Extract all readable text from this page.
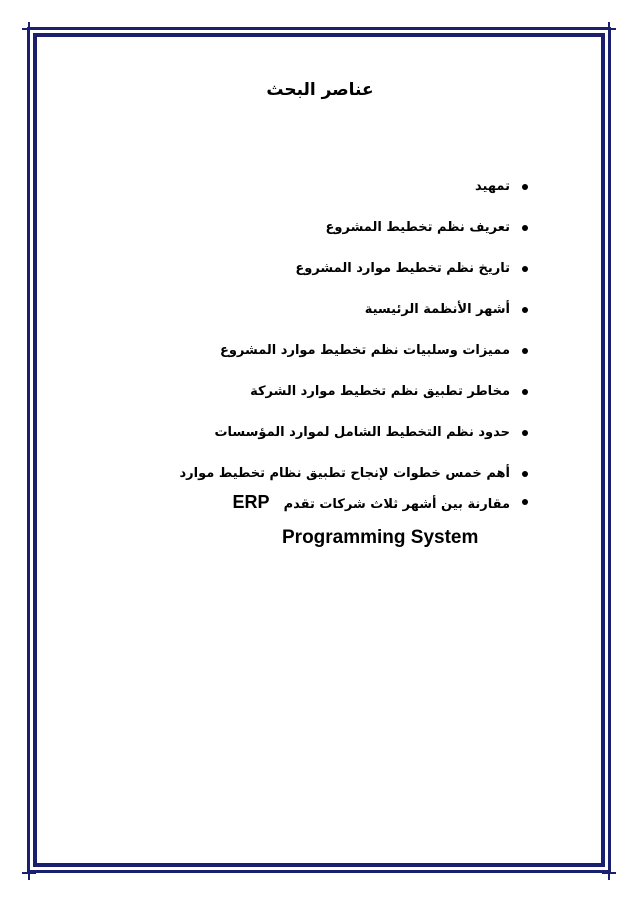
عناصر البحث
تمهيد
تعريف نظم تخطيط المشروع
تاريخ نظم تخطيط موارد المشروع
أشهر الأنظمة الرئيسية
مميزات وسلبيات نظم تخطيط موارد المشروع
مخاطر تطبيق نظم تخطيط موارد الشركة
حدود نظم التخطيط الشامل لموارد المؤسسات
أهم خمس خطوات لإنجاح تطبيق نظام تخطيط موارد
مقارنة بين أشهر ثلاث شركات تقدمERP
Programming System
